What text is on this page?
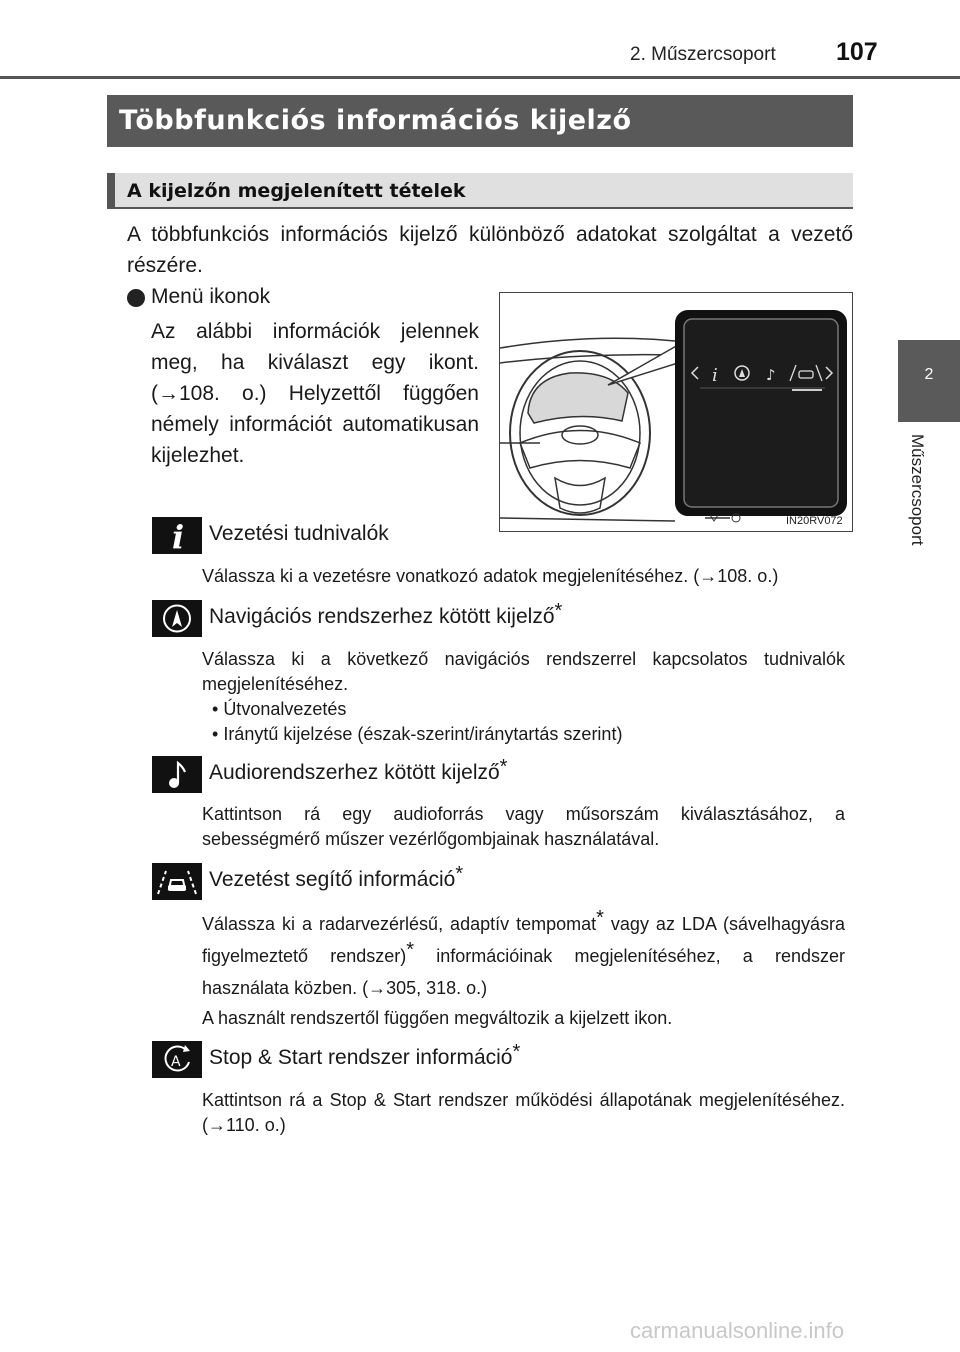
2. Műszercsoport 107
2
Műszercsoport
Többfunkciós információs kijelző
A kijelzőn megjelenített tételek
A többfunkciós információs kijelző különböző adatokat szolgáltat a vezető részére.
Menü ikonok
Az alábbi információk jelennek meg, ha kiválaszt egy ikont. (→108. o.) Helyzettől függően némely információt automatikusan kijelezhet.
i	♪
IN20RV072
i Vezetési tudnivalók
Válassza ki a vezetésre vonatkozó adatok megjelenítéséhez. (→108. o.)
Navigációs rendszerhez kötött kijelző*
Válassza ki a következő navigációs rendszerrel kapcsolatos tudnivalók megjelenítéséhez.
• Útvonalvezetés
• Iránytű kijelzése (észak-szerint/iránytartás szerint)
Audiorendszerhez kötött kijelző*
Kattintson rá egy audioforrás vagy műsorszám kiválasztásához, a sebességmérő műszer vezérlőgombjainak használatával.
Vezetést segítő információ*
Válassza ki a radarvezérlésű, adaptív tempomat* vagy az LDA (sávelhagyásra figyelmeztető rendszer)* információinak megjelenítéséhez, a rendszer használata közben. (→305, 318. o.)
A használt rendszertől függően megváltozik a kijelzett ikon.
A Stop & Start rendszer információ*
Kattintson rá a Stop & Start rendszer működési állapotának megjelenítéséhez. (→110. o.)
carmanualsonline.info
